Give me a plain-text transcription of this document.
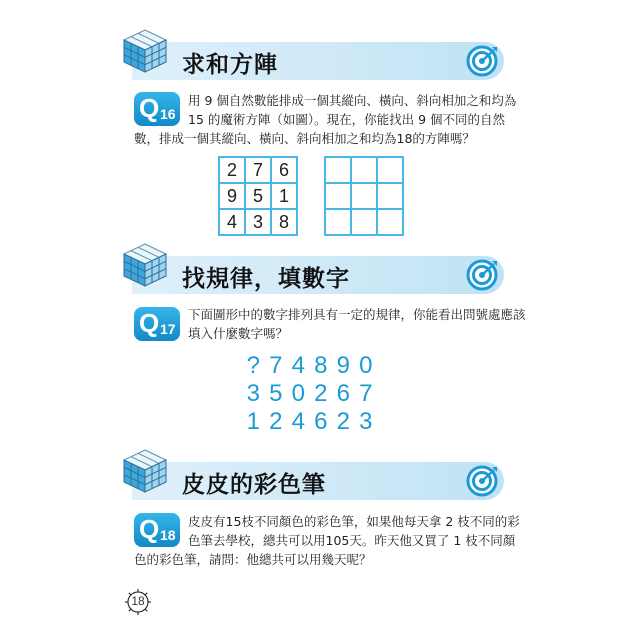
求和方陣
Q 16
用 9 個自然數能排成一個其縱向、橫向、斜向相加之和均為
15 的魔術方陣（如圖）。現在，你能找出 9 個不同的自然
數，排成一個其縱向、橫向、斜向相加之和均為18的方陣嗎？
2 7 6
9 5 1
4 3 8
找規律，填數字
Q 17
下面圖形中的數字排列具有一定的規律，你能看出問號處應該
填入什麼數字嗎？
? 7 4 8 9 0
3 5 0 2 6 7
1 2 4 6 2 3
皮皮的彩色筆
Q 18
皮皮有15枝不同顏色的彩色筆，如果他每天拿 2 枝不同的彩
色筆去學校，總共可以用105天。昨天他又買了 1 枝不同顏
色的彩色筆，請問：他總共可以用幾天呢？
18
